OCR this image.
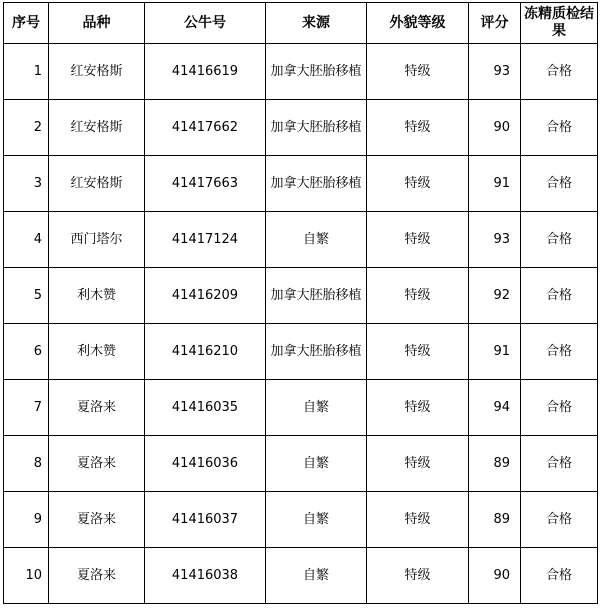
序号	品种	公牛号	来源	外貌等级	评分	冻精质检结果
1	红安格斯	41416619	加拿大胚胎移植	特级	93	合格
2	红安格斯	41417662	加拿大胚胎移植	特级	90	合格
3	红安格斯	41417663	加拿大胚胎移植	特级	91	合格
4	西门塔尔	41417124	自繁	特级	93	合格
5	利木赞	41416209	加拿大胚胎移植	特级	92	合格
6	利木赞	41416210	加拿大胚胎移植	特级	91	合格
7	夏洛来	41416035	自繁	特级	94	合格
8	夏洛来	41416036	自繁	特级	89	合格
9	夏洛来	41416037	自繁	特级	89	合格
10	夏洛来	41416038	自繁	特级	90	合格
